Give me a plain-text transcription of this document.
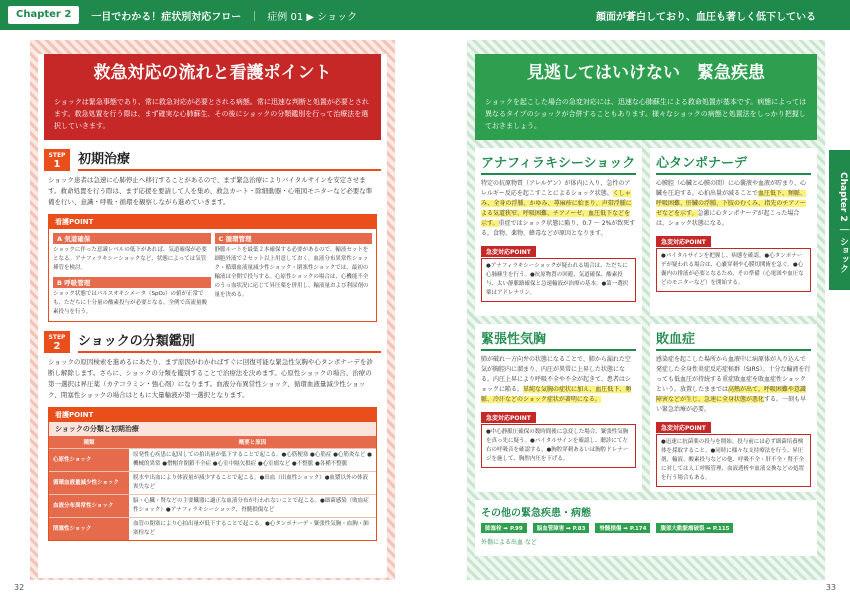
Chapter 2	一目でわかる！症状別対応フロー ｜ 症例 01 ▶ ショック	顔面が蒼白しており、血圧も著しく低下している
救急対応の流れと看護ポイント
ショックは緊急事態であり、常に救急対応が必要とされる病態。常に迅速な判断と処置が必要とされます。救急処置を行う際は、まず確実な心肺蘇生、その後にショックの分類鑑別を行って治療法を選択していきます。
STEP
1	初期治療
ショック患者は急速に心肺停止へ移行することがあるので、まず緊急治療によりバイタルサインを安定させます。救命処置を行う際は、まず応援を要請して人を集め、救急カート・除細動器・心電図モニターなど必要な準備を行い、意識・呼吸・循環を観察しながら進めていきます。
看護POINT
A 気道確保
ショックに伴った意識レベルの低下があれば、気道確保が必要となる。アナフィラキシーショックなど、状態によっては気管挿管を検討。
B 呼吸管理
ショック状態ではパルスオキシメータ（SpO₂）の値が正常でも、ただちに十分量の酸素投与が必要となる。全例で高流量酸素投与を行う。
C 循環管理
静脈ルートを最低２本確保する必要があるので、輸液セットを細胞外液で２セット以上用意しておく。血液分布異常性ショック・循環血液量減少性ショック・閉塞性ショックでは、最初の輸液は全開で投与する。心原性ショックの場合は、心機能不全のうっ血状況に応じて昇圧薬を併用し、輸液量および利尿剤の量を決める。
STEP
2	ショックの分類鑑別
ショックの原因検索を進めるにあたり、まず原因がわかればすぐに回復可能な緊急性気胸や心タンポナーデを診断し解除します。さらに、ショックの分類を鑑別することで治療法を決めます。心原性ショックの場合、治療の第一選択は昇圧薬（カテコラミン・強心剤）になります。血液分布異常性ショック、循環血液量減少性ショック、閉塞性ショックの場合はともに大量輸液が第一選択となります。
看護POINT
ショックの分類と初期治療
種類	概要と原因
心原性ショック	原発性心疾患に起因しての拍出量が低下することで起こる。●心筋梗塞 ●心筋症 ●心筋炎など ●機械的異常 ●僧帽弁閉鎖不全症 ●心室中隔欠損症 ●心室瘤など ●不整脈 ●各種不整脈
循環血液量減少性ショック	脱水や出血により体液量が減少することで起こる。●出血（出血性ショック）●血漿以外の体液喪失など
血液分布異常性ショック	脳・心臓・腎などの主要臓器に適正な血液分布が行われないことで起こる。●細菌感染（敗血症性ショック）●アナフィラキシーショック、脊髄損傷など
閉塞性ショック	血管の閉塞により心拍出量が低下することで起こる。●心タンポナーデ・緊張性気胸・血胸・肺塞栓など
32
見逃してはいけない　緊急疾患
ショックを起こした場合の急変対応には、迅速な心肺蘇生による救命処置が基本です。病態によっては異なるタイプのショックが合併することもあります。様々なショックの病態と処置法をしっかり把握しておきましょう。
アナフィラキシーショック
特定の抗原物質（アレルゲン）が体内に入り、急性のアレルギー反応を起こすことによるショック状態。くしゃみ、全身の浮腫、かゆみ、蕁麻疹に始まり、声帯浮腫による気道狭窄、呼吸困難、チアノーゼ、血圧低下などを示す。重症ではショック状態に陥り、0.7 〜 2%が致死する。食物、薬物、蜂毒などが原因となります。
急変対応POINT
●アナフィラキシーショックが疑われる場合は、ただちに心肺蘇生を行う。●抗原物質の回避、気道確保、酸素投与、太い静脈路確保と急速輸液が治療の基本。●第一選択薬はアドレナリン。
心タンポナーデ
心膜腔（心臓と心膜の間）に心囊液や血液が貯まり、心臓を圧迫する。心拍出量が減ることで血圧低下、頻脈、呼吸困難、肝臓の浮腫、下肢のむくみ、指先のチアノーゼなどを示す。急激に心タンポナーデが起こった場合は、ショック状態になる。
急変対応POINT
●バイタルサインを把握し、病態を確認。●心タンポナーデが疑われる場合は、心嚢穿刺や心膜切開術を急ぐ。●心嚢内の排液が必要となるため、その準備（心電図や血圧などのモニターなど）を開始する。
緊張性気胸
肺が破れ一方向弁の状態になることで、肺から漏れた空気が胸腔内に溜まり、内圧が異常に上昇した状態になる。内圧上昇により呼吸不全や不全が起きて、患者はショックに陥る。単純な気胸の症状に加え、血圧低下、頻脈、冷汗などのショック症状が著明になる。
急変対応POINT
●中心静脈圧確保の数時間後に急変した場合、緊張性気胸を真っ先に疑う。●バイタルサインを確認し、聴診にて左右の呼吸音を確認する。●胸腔穿刺あるいは胸腔ドレナージを施して、胸腔内圧を下げる。
敗血症
感染症を起こした場所から血液中に病原体が入り込んで発症した全身性炎症反応症候群（SIRS）。十分な輸液を行っても低血圧が持続する重症敗血症を敗血症性ショックという。放置したままでは高熱が出て、呼吸困難や意識障害などが生じ、急速に全身状態が悪化する。一刻も早い緊急治療が必要。
急変対応POINT
●迅速に抗菌薬の投与を開始。投与前には必ず細菌培養検体を採取すること。●同時に様々な支持療法を行う。昇圧剤、輸液、酸素投与などの他、呼吸不全・肝不全・腎不全に対しては人工呼吸管理、血液透析や血液交換などの処置を行う場合もある。
その他の緊急疾患・病態
肺塞栓 ➡ P.99	脳血管障害 ➡ P.83	脊髄損傷 ➡ P.174	腹部大動脈瘤破裂 ➡ P.115
外傷による出血 など
33
Chapter 2 ｜ ショック
